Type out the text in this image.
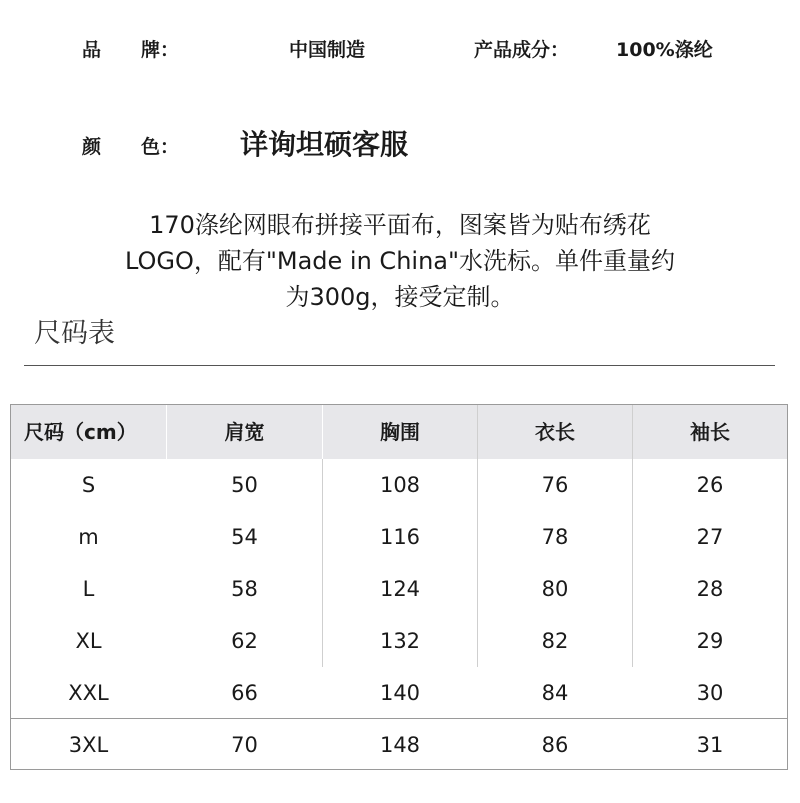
品 牌：	中国制造	产品成分： 100%涤纶
颜 色： 详询坦硕客服
170涤纶网眼布拼接平面布，图案皆为贴布绣花
LOGO，配有"Made in China"水洗标。单件重量约
为300g，接受定制。
尺码表
尺码（cm）	肩宽	胸围	衣长	袖长
S	50	108	76	26
m	54	116	78	27
L	58	124	80	28
XL	62	132	82	29
XXL	66	140	84	30
3XL	70	148	86	31
